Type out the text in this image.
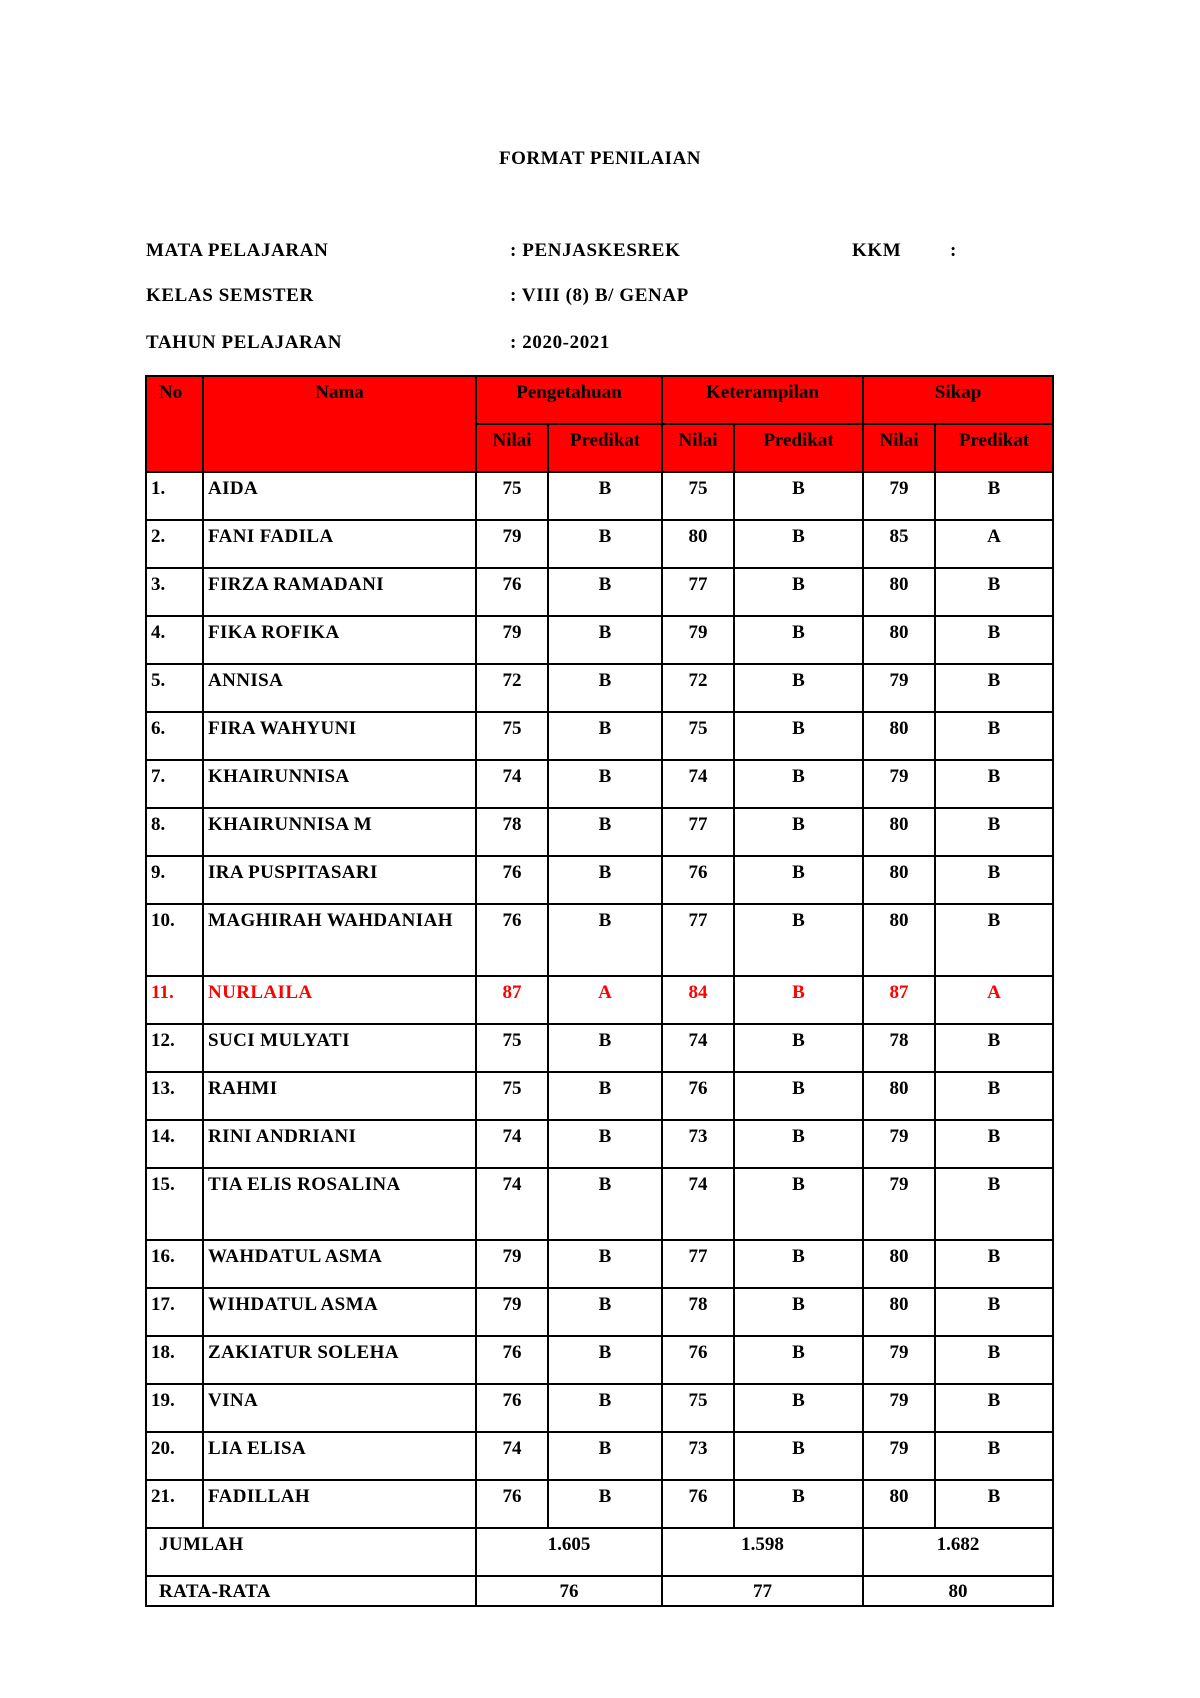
FORMAT PENILAIAN
MATA PELAJARAN	: PENJASKESREK	KKM	:
KELAS SEMSTER	: VIII (8) B/ GENAP
TAHUN PELAJARAN	: 2020-2021
No	Nama	Pengetahuan		Keterampilan		Sikap	
		Nilai	Predikat	Nilai	Predikat	Nilai	Predikat
1.	AIDA	75	B	75	B	79	B
2.	FANI FADILA	79	B	80	B	85	A
3.	FIRZA RAMADANI	76	B	77	B	80	B
4.	FIKA ROFIKA	79	B	79	B	80	B
5.	ANNISA	72	B	72	B	79	B
6.	FIRA WAHYUNI	75	B	75	B	80	B
7.	KHAIRUNNISA	74	B	74	B	79	B
8.	KHAIRUNNISA M	78	B	77	B	80	B
9.	IRA PUSPITASARI	76	B	76	B	80	B
10.	MAGHIRAH WAHDANIAH	76	B	77	B	80	B
11.	NURLAILA	87	A	84	B	87	A
12.	SUCI MULYATI	75	B	74	B	78	B
13.	RAHMI	75	B	76	B	80	B
14.	RINI ANDRIANI	74	B	73	B	79	B
15.	TIA ELIS ROSALINA	74	B	74	B	79	B
16.	WAHDATUL ASMA	79	B	77	B	80	B
17.	WIHDATUL ASMA	79	B	78	B	80	B
18.	ZAKIATUR SOLEHA	76	B	76	B	79	B
19.	VINA	76	B	75	B	79	B
20.	LIA ELISA	74	B	73	B	79	B
21.	FADILLAH	76	B	76	B	80	B
JUMLAH		1.605		1.598		1.682	
RATA-RATA		76		77		80	
